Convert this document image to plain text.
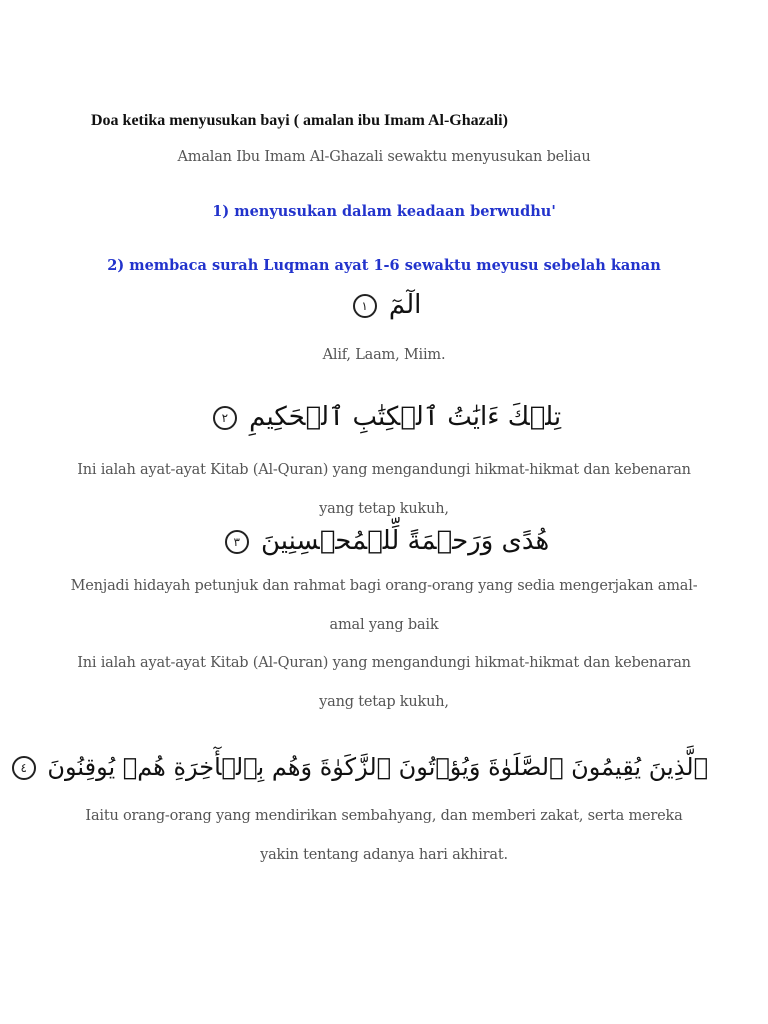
Doa ketika menyusukan bayi ( amalan ibu Imam Al-Ghazali)
Amalan Ibu Imam Al-Ghazali sewaktu menyusukan beliau
1) menyusukan dalam keadaan berwudhu'
2) membaca surah Luqman ayat 1-6 sewaktu meyusu sebelah kanan
الٓمٓ ١
Alif, Laam, Miim.
تِلۡكَ ءَايَٰتُ ٱلۡكِتَٰبِ ٱلۡحَكِيمِ ٢
Ini ialah ayat-ayat Kitab (Al-Quran) yang mengandungi hikmat-hikmat dan kebenaran
yang tetap kukuh,
هُدًى وَرَحۡمَةً لِّلۡمُحۡسِنِينَ ٣
Menjadi hidayah petunjuk dan rahmat bagi orang-orang yang sedia mengerjakan amal-
amal yang baik
Ini ialah ayat-ayat Kitab (Al-Quran) yang mengandungi hikmat-hikmat dan kebenaran
yang tetap kukuh,
ٱلَّذِينَ يُقِيمُونَ ٱلصَّلَوٰةَ وَيُؤۡتُونَ ٱلزَّكَوٰةَ وَهُم بِٱلۡأٓخِرَةِ هُمۡ يُوقِنُونَ ٤
Iaitu orang-orang yang mendirikan sembahyang, dan memberi zakat, serta mereka
yakin tentang adanya hari akhirat.
